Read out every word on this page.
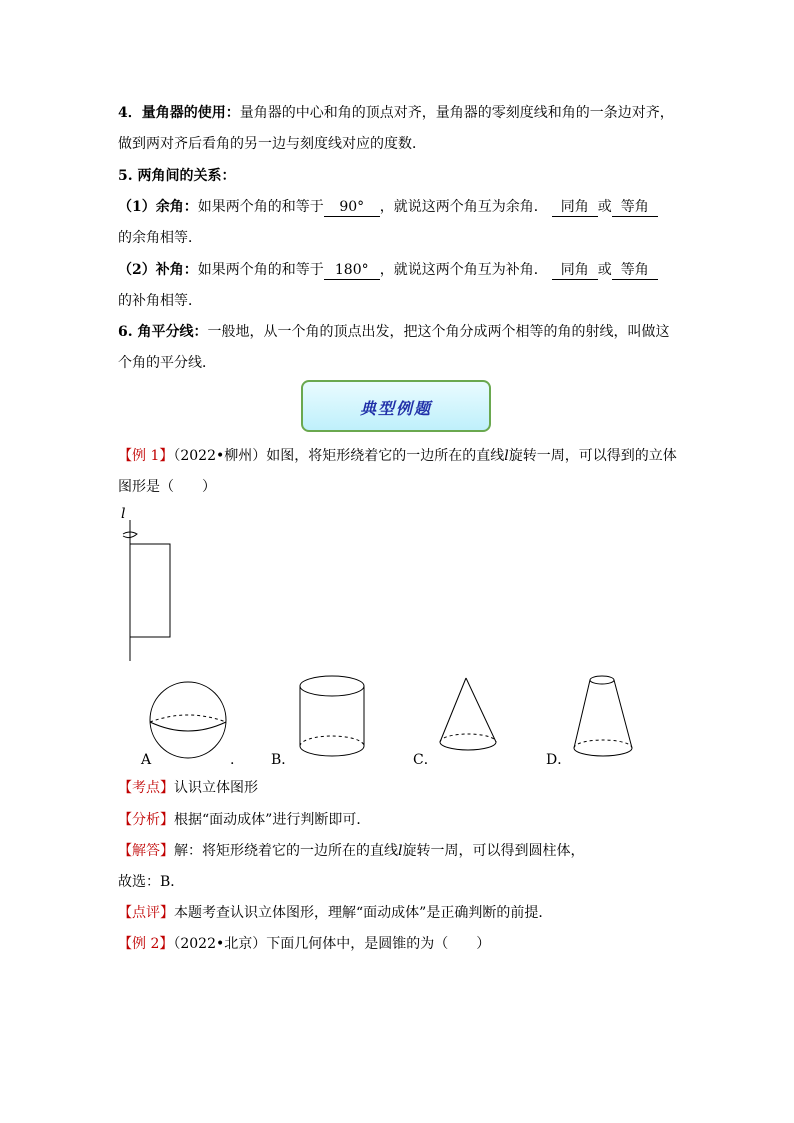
4．量角器的使用：量角器的中心和角的顶点对齐，量角器的零刻度线和角的一条边对齐，
做到两对齐后看角的另一边与刻度线对应的度数．
5. 两角间的关系：
（1）余角：如果两个角的和等于 90° ，就说这两个角互为余角． 同角 或 等角
的余角相等．
（2）补角：如果两个角的和等于 180° ，就说这两个角互为补角． 同角 或 等角
的补角相等．
6. 角平分线：一般地，从一个角的顶点出发，把这个角分成两个相等的角的射线，叫做这
个角的平分线．
典型例题
【例 1】（2022•柳州）如图，将矩形绕着它的一边所在的直线l旋转一周，可以得到的立体
图形是（　　）
l
A	.	B．	C．	D．
【考点】认识立体图形
【分析】根据“面动成体”进行判断即可．
【解答】解：将矩形绕着它的一边所在的直线l旋转一周，可以得到圆柱体，
故选：B．
【点评】本题考查认识立体图形，理解“面动成体”是正确判断的前提．
【例 2】（2022•北京）下面几何体中，是圆锥的为（　　）
